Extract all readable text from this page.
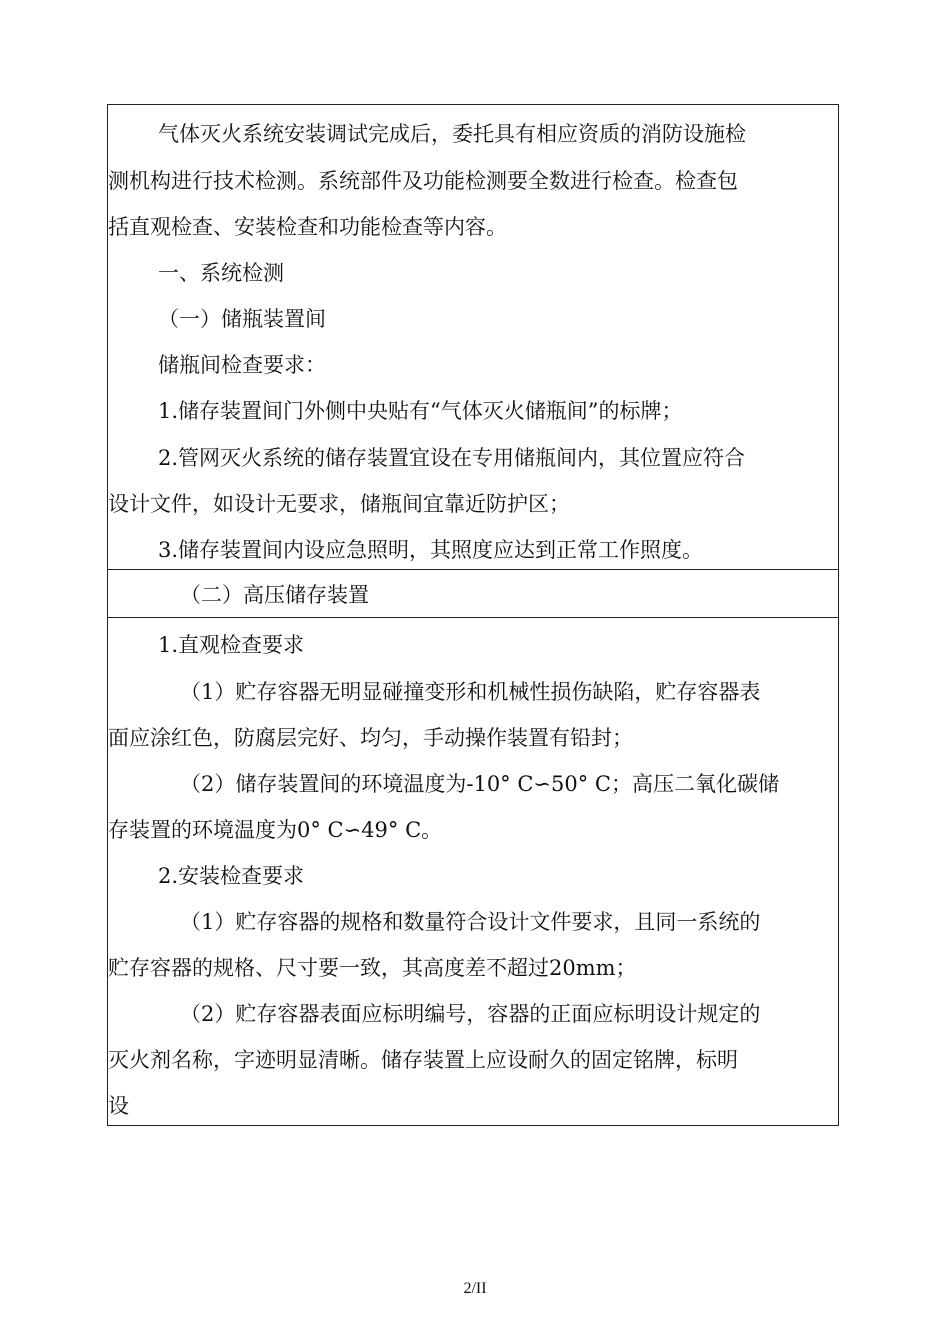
气体灭火系统安装调试完成后，委托具有相应资质的消防设施检

测机构进行技术检测。系统部件及功能检测要全数进行检查。检查包

括直观检查、安装检查和功能检查等内容。

一、系统检测

（一）储瓶装置间

储瓶间检查要求：

1.储存装置间门外侧中央贴有“气体灭火储瓶间”的标牌；

2.管网灭火系统的储存装置宜设在专用储瓶间内，其位置应符合

设计文件，如设计无要求，储瓶间宜靠近防护区；

3.储存装置间内设应急照明，其照度应达到正常工作照度。

（二）高压储存装置

1.直观检查要求

（1）贮存容器无明显碰撞变形和机械性损伤缺陷，贮存容器表

面应涂红色，防腐层完好、均匀，手动操作装置有铅封；

（2）储存装置间的环境温度为-10° C∽50° C；高压二氧化碳储

存装置的环境温度为0° C∽49° C。

2.安装检查要求

（1）贮存容器的规格和数量符合设计文件要求，且同一系统的

贮存容器的规格、尺寸要一致，其高度差不超过20mm；

（2）贮存容器表面应标明编号，容器的正面应标明设计规定的

灭火剂名称，字迹明显清晰。储存装置上应设耐久的固定铭牌，标明

设

2/II
